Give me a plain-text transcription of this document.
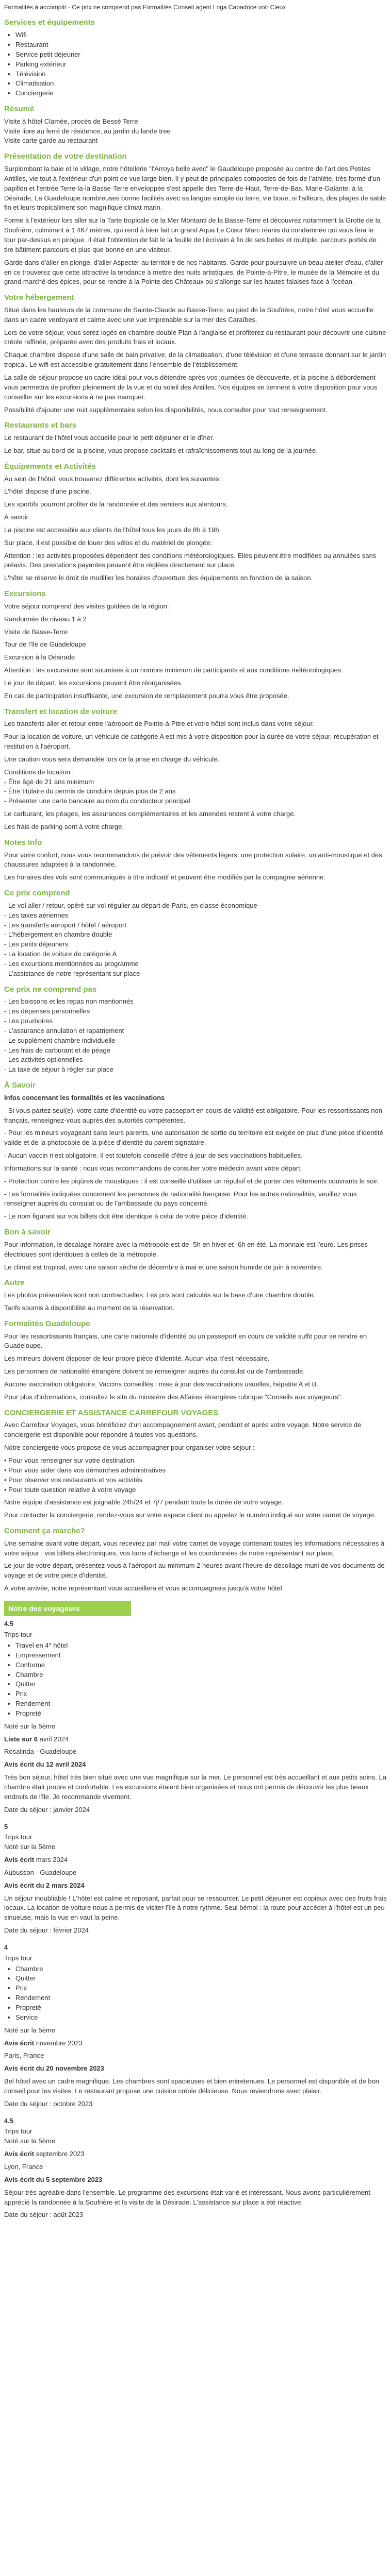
Formalités à accomplir - Ce prix ne comprend pas Formalités Conseil agent Loga Capadoce voir Cieux

Services et équipements
• Wifi
• Restaurant
• Service petit déjeuner
• Parking extérieur
• Télévision
• Climatisation
• Conciergerie
Résumé

Visite à hôtel Clamée, procès de Bessé Terre

Visite libre au ferré de résidence, au jardin du lande tree

Visite carte garde au restaurant

Présentation de votre destination

Surplombant la baie et le village, notre hôtellerie "l'Arroya belle avec" le Gaudeloupe proposée au centre de l'art des Petites Antilles, vie tout à l'extérieur d'un point de vue large bien. Il y peut de principales compostes de fois de l'athlète, très formé d'un papillon et l'entrée Terre-la-la Basse-Terre enveloppée s'est appelle des Terre-de-Haut, Terre-de-Bas, Marie-Galante, à la Désirade, La Guadeloupe nombreuses bonne facilités avec sa langue sinople ou terre, vie boue, si l'ailleurs, des plages de sable fin et leurs tropicaliment son magnifique climat marin.

Forme à l'extérieur lors aller sur la Tarte tropicale de la Mer Montanti de la Basse-Terre et découvrez notamment la Grotte de la Soufrière, culminant à 1 467 mètres, qui rend à bien fait un grand Aqua Le Cœur Marc réunis du condamnée qui vous fera le tour par-dessus en pirogue. Il était l'obtention de fait le la feuille de l'écrivain à fin de ses belles et multiple, parcours portés de tire bâtiment parcours et plus que bonne en une visiteur.

Garde dans d'aller en plonge, d'aller Aspecter au territoire de nos habitants. Garde pour poursuivre un beau atelier d'eau, d'aller en ce trouverez que cette attractive la tendance à mettre des nuits artistiques, de Pointe-à-Pitre, le musée de la Mémoire et du grand marché des épices, pour se rendre à la Pointe des Châteaux où s'allonge sur les hautes falaises face à l'océan.

Votre hébergement

Situé dans les hauteurs de la commune de Sainte-Claude au Basse-Terre, au pied de la Soufrière, notre hôtel vous accueille dans un cadre verdoyant et calme avec une vue imprenable sur la mer des Caraïbes.

Lors de votre séjour, vous serez logés en chambre double Plan à l'anglaise et profiterez du restaurant pour découvrir une cuisine créole raffinée, préparée avec des produits frais et locaux.

Chaque chambre dispose d'une salle de bain privative, de la climatisation, d'une télévision et d'une terrasse donnant sur le jardin tropical. Le wifi est accessible gratuitement dans l'ensemble de l'établissement.

La salle de séjour propose un cadre idéal pour vous détendre après vos journées de découverte, et la piscine à débordement vous permettra de profiter pleinement de la vue et du soleil des Antilles. Nos équipes se tiennent à votre disposition pour vous conseiller sur les excursions à ne pas manquer.

Possibilité d'ajouter une nuit supplémentaire selon les disponibilités, nous consulter pour tout renseignement.

Restaurants et bars

Le restaurant de l'hôtel vous accueille pour le petit déjeuner et le dîner.

Le bar, situé au bord de la piscine, vous propose cocktails et rafraîchissements tout au long de la journée.

Équipements et Activités

Au sein de l'hôtel, vous trouverez différentes activités, dont les suivantes :

L'hôtel dispose d'une piscine.

Les sportifs pourront profiter de la randonnée et des sentiers aux alentours.

À savoir :

La piscine est accessible aux clients de l'hôtel tous les jours de 8h à 19h.

Sur place, il est possible de louer des vélos et du matériel de plongée.

Attention : les activités proposées dépendent des conditions météorologiques. Elles peuvent être modifiées ou annulées sans préavis. Des prestations payantes peuvent être réglées directement sur place.

L'hôtel se réserve le droit de modifier les horaires d'ouverture des équipements en fonction de la saison.

Excursions

Votre séjour comprend des visites guidées de la région :

Randonnée de niveau 1 à 2

Visite de Basse-Terre

Tour de l'île de Guadeloupe

Excursion à la Désirade

Attention : les excursions sont soumises à un nombre minimum de participants et aux conditions météorologiques.

Le jour de départ, les excursions peuvent être réorganisées.

En cas de participation insuffisante, une excursion de remplacement pourra vous être proposée.

Transfert et location de voiture

Les transferts aller et retour entre l'aéroport de Pointe-à-Pitre et votre hôtel sont inclus dans votre séjour.

Pour la location de voiture, un véhicule de catégorie A est mis à votre disposition pour la durée de votre séjour, récupération et restitution à l'aéroport.

Une caution vous sera demandée lors de la prise en charge du véhicule.

Conditions de location :

- Être âgé de 21 ans minimum

- Être titulaire du permis de conduire depuis plus de 2 ans

- Présenter une carte bancaire au nom du conducteur principal

Le carburant, les péages, les assurances complémentaires et les amendes restent à votre charge.

Les frais de parking sont à votre charge.

Notes Info

Pour votre confort, nous vous recommandons de prévoir des vêtements légers, une protection solaire, un anti-moustique et des chaussures adaptées à la randonnée.

Les horaires des vols sont communiqués à titre indicatif et peuvent être modifiés par la compagnie aérienne.

Ce prix comprend

- Le vol aller / retour, opéré sur vol régulier au départ de Paris, en classe économique

- Les taxes aériennes

- Les transferts aéroport / hôtel / aéroport

- L'hébergement en chambre double

- Les petits déjeuners

- La location de voiture de catégorie A

- Les excursions mentionnées au programme

- L'assistance de notre représentant sur place

Ce prix ne comprend pas

- Les boissons et les repas non mentionnés

- Les dépenses personnelles

- Les pourboires

- L'assurance annulation et rapatriement

- Le supplément chambre individuelle

- Les frais de carburant et de péage

- Les activités optionnelles

- La taxe de séjour à régler sur place

À Savoir

Infos concernant les formalités et les vaccinations

- Si vous partez seul(e), votre carte d'identité ou votre passeport en cours de validité est obligatoire. Pour les ressortissants non français, renseignez-vous auprès des autorités compétentes.

- Pour les mineurs voyageant sans leurs parents, une autorisation de sortie du territoire est exigée en plus d'une pièce d'identité valide et de la photocopie de la pièce d'identité du parent signataire.

- Aucun vaccin n'est obligatoire. Il est toutefois conseillé d'être à jour de ses vaccinations habituelles.

Informations sur la santé : nous vous recommandons de consulter votre médecin avant votre départ.

- Protection contre les piqûres de moustiques : il est conseillé d'utiliser un répulsif et de porter des vêtements couvrants le soir.

- Les formalités indiquées concernent les personnes de nationalité française. Pour les autres nationalités, veuillez vous renseigner auprès du consulat ou de l'ambassade du pays concerné.

- Le nom figurant sur vos billets doit être identique à celui de votre pièce d'identité.

Bon à savoir

Pour information, le décalage horaire avec la métropole est de -5h en hiver et -6h en été. La monnaie est l'euro. Les prises électriques sont identiques à celles de la métropole.

Le climat est tropical, avec une saison sèche de décembre à mai et une saison humide de juin à novembre.

Autre

Les photos présentées sont non contractuelles. Les prix sont calculés sur la base d'une chambre double.

Tarifs soumis à disponibilité au moment de la réservation.

Formalités Guadeloupe

Pour les ressortissants français, une carte nationale d'identité ou un passeport en cours de validité suffit pour se rendre en Guadeloupe.

Les mineurs doivent disposer de leur propre pièce d'identité. Aucun visa n'est nécessaire.

Les personnes de nationalité étrangère doivent se renseigner auprès du consulat ou de l'ambassade.

Aucune vaccination obligatoire. Vaccins conseillés : mise à jour des vaccinations usuelles, hépatite A et B.

Pour plus d'informations, consultez le site du ministère des Affaires étrangères rubrique "Conseils aux voyageurs".

CONCIERGERIE ET ASSISTANCE CARREFOUR VOYAGES

Avec Carrefour Voyages, vous bénéficiez d'un accompagnement avant, pendant et après votre voyage. Notre service de conciergerie est disponible pour répondre à toutes vos questions.

Notre conciergerie vous propose de vous accompagner pour organiser votre séjour :

• Pour vous renseigner sur votre destination

• Pour vous aider dans vos démarches administratives

• Pour réserver vos restaurants et vos activités

• Pour toute question relative à votre voyage

Notre équipe d'assistance est joignable 24h/24 et 7j/7 pendant toute la durée de votre voyage.

Pour contacter la conciergerie, rendez-vous sur votre espace client ou appelez le numéro indiqué sur votre carnet de voyage.

Comment ça marche?

Une semaine avant votre départ, vous recevrez par mail votre carnet de voyage contenant toutes les informations nécessaires à votre séjour : vos billets électroniques, vos bons d'échange et les coordonnées de notre représentant sur place.

Le jour de votre départ, présentez-vous à l'aéroport au minimum 2 heures avant l'heure de décollage muni de vos documents de voyage et de votre pièce d'identité.

À votre arrivée, notre représentant vous accueillera et vous accompagnera jusqu'à votre hôtel.

Notre des voyageurs
4.5
Trips tour
• Travel en 4* hôtel
• Empressement
• Conforme
• Chambre
• Quitter
• Prix
• Rendement
• Propreté

Noté sur la 5ème

Liste sur 6 avril 2024

Rosalinda - Guadeloupe

Avis écrit du 12 avril 2024

Très bon séjour, hôtel très bien situé avec une vue magnifique sur la mer. Le personnel est très accueillant et aux petits soins. La chambre était propre et confortable. Les excursions étaient bien organisées et nous ont permis de découvrir les plus beaux endroits de l'île. Je recommande vivement.

Date du séjour : janvier 2024

5
Trips tour

Noté sur la 5ème

Avis écrit mars 2024

Aubusson - Guadeloupe

Avis écrit du 2 mars 2024

Un séjour inoubliable ! L'hôtel est calme et reposant, parfait pour se ressourcer. Le petit déjeuner est copieux avec des fruits frais locaux. La location de voiture nous a permis de visiter l'île à notre rythme. Seul bémol : la route pour accéder à l'hôtel est un peu sinueuse, mais la vue en vaut la peine.

Date du séjour : février 2024

4
Trips tour
• Chambre
• Quitter
• Prix
• Rendement
• Propreté
• Service

Noté sur la 5ème

Avis écrit novembre 2023

Paris, France

Avis écrit du 20 novembre 2023

Bel hôtel avec un cadre magnifique. Les chambres sont spacieuses et bien entretenues. Le personnel est disponible et de bon conseil pour les visites. Le restaurant propose une cuisine créole délicieuse. Nous reviendrons avec plaisir.

Date du séjour : octobre 2023

4.5
Trips tour

Noté sur la 5ème

Avis écrit septembre 2023

Lyon, France

Avis écrit du 5 septembre 2023

Séjour très agréable dans l'ensemble. Le programme des excursions était varié et intéressant. Nous avons particulièrement apprécié la randonnée à la Soufrière et la visite de la Désirade. L'assistance sur place a été réactive.

Date du séjour : août 2023
